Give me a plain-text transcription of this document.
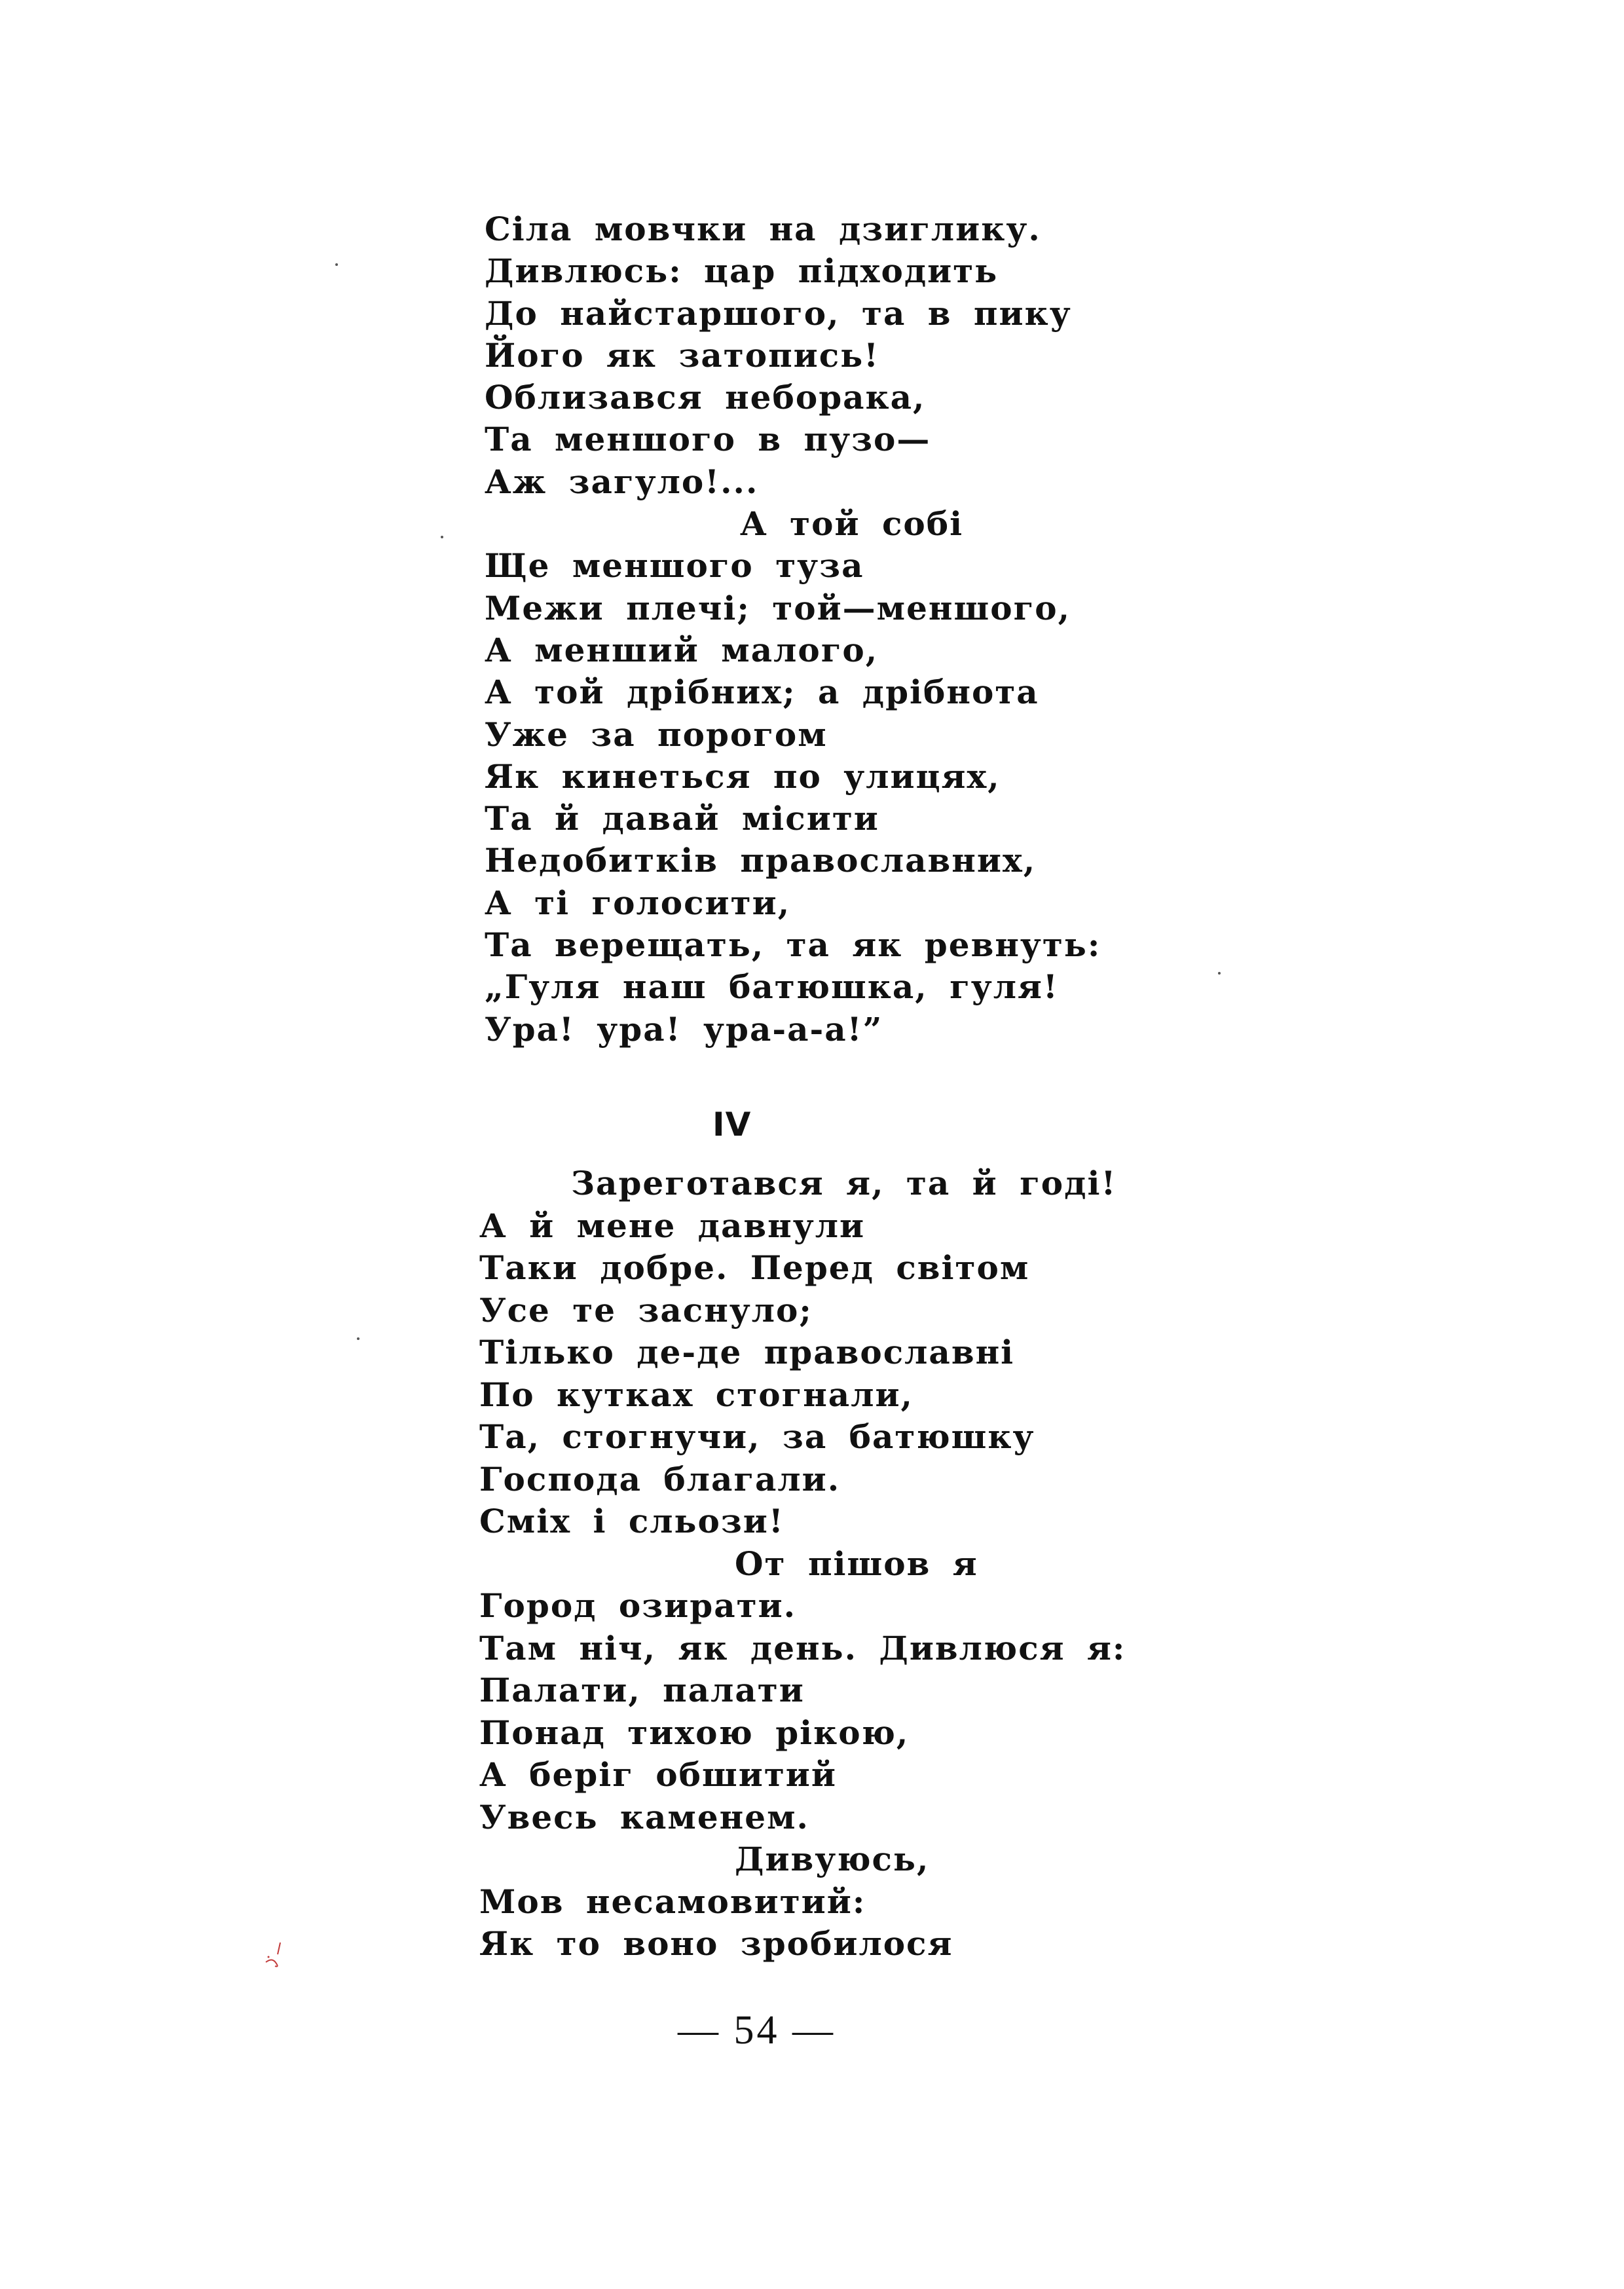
Сіла мовчки на дзиглику.
Дивлюсь: цар підходить
До найстаршого, та в пику
Його як затопись!
Облизався неборака,
Та меншого в пузо—
Аж загуло!...
А той собі
Ще меншого туза
Межи плечі; той—меншого,
А менший малого,
А той дрібних; а дрібнота
Уже за порогом
Як кинеться по улицях,
Та й давай місити
Недобитків православних,
А ті голосити,
Та верещать, та як ревнуть:
„Гуля наш батюшка, гуля!
Ура! ура! ура-а-а!”
IV
Зареготався я, та й годі!
А й мене давнули
Таки добре. Перед світом
Усе те заснуло;
Тілько де-де православні
По кутках стогнали,
Та, стогнучи, за батюшку
Господа благали.
Сміх і сльози!
От пішов я
Город озирати.
Там ніч, як день. Дивлюся я:
Палати, палати
Понад тихою рікою,
А беріг обшитий
Увесь каменем.
Дивуюсь,
Мов несамовитий:
Як то воно зробилося
— 54 —
